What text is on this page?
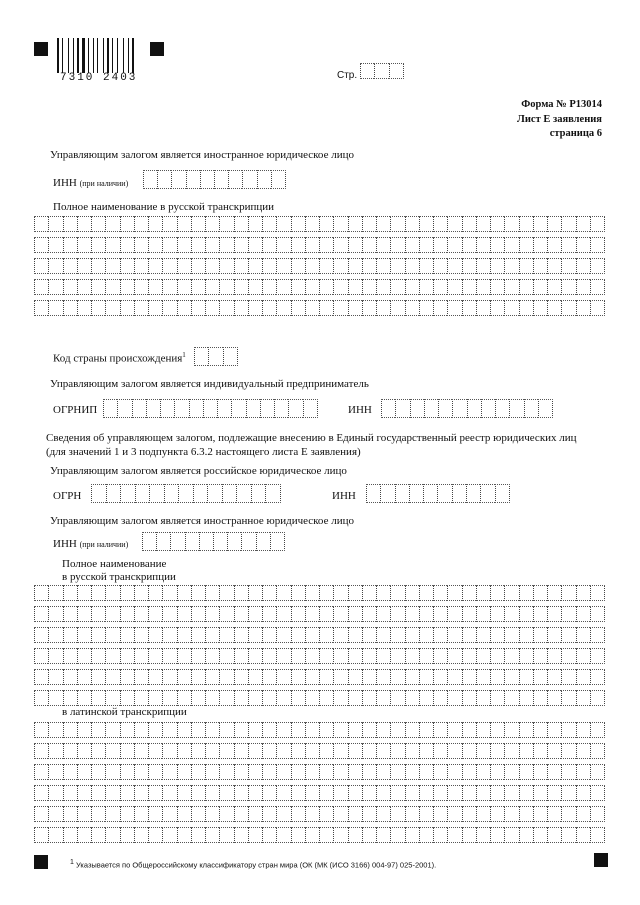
7310 2403	Стр.
Форма № Р13014
Лист Е заявления
страница 6
Управляющим залогом является иностранное юридическое лицо
ИНН (при наличии)
Полное наименование в русской транскрипции
Код страны происхождения$^1$
Управляющим залогом является индивидуальный предприниматель
ОГРНИП	ИНН
Сведения об управляющем залогом, подлежащие внесению в Единый государственный реестр юридических лиц
(для значений 1 и 3 подпункта 6.3.2 настоящего листа Е заявления)
Управляющим залогом является российское юридическое лицо
ОГРН	ИНН
Управляющим залогом является иностранное юридическое лицо
ИНН (при наличии)
Полное наименование
в русской транскрипции
в латинской транскрипции
$^1$ Указывается по Общероссийскому классификатору стран мира (ОК (МК (ИСО 3166) 004-97) 025-2001).
